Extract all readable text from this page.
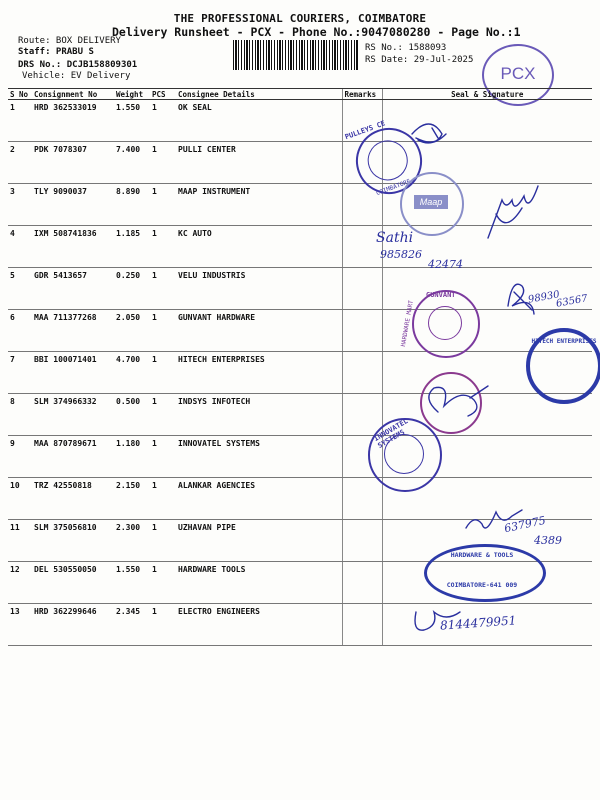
THE PROFESSIONAL COURIERS, COIMBATORE
Delivery Runsheet - PCX - Phone No.:9047080280 - Page No.:1
Route: BOX DELIVERY
Staff: PRABU S
DRS No.: DCJB158809301
Vehicle: EV Delivery
RS No.: 1588093
RS Date: 29-Jul-2025
PCX
S No	Consignment No	Weight	PCS	Consignee Details	Remarks	Seal & Signature
1	HRD 362533019	1.550	1	OK SEAL		
2	PDK 7078307	7.400	1	PULLI CENTER		
3	TLY 9090037	8.890	1	MAAP INSTRUMENT		
4	IXM 508741836	1.185	1	KC AUTO		
5	GDR 5413657	0.250	1	VELU INDUSTRIS		
6	MAA 711377268	2.050	1	GUNVANT HARDWARE		
7	BBI 100071401	4.700	1	HITECH ENTERPRISES		
8	SLM 374966332	0.500	1	INDSYS INFOTECH		
9	MAA 870789671	1.180	1	INNOVATEL SYSTEMS		
10	TRZ 42550818	2.150	1	ALANKAR AGENCIES		
11	SLM 375056810	2.300	1	UZHAVAN PIPE		
12	DEL 530550050	1.550	1	HARDWARE TOOLS		
13	HRD 362299646	2.345	1	ELECTRO ENGINEERS		
PULLEYS CE
COIMBATORE
Maap
GUNVANT
HARDWARE MART	HITECH ENTERPRISES
INNOVATEL SYSTEMS
HARDWARE & TOOLS
COIMBATORE-641 009
Sathi
985826
42474
98930
63567
637975
4389
8144479951
